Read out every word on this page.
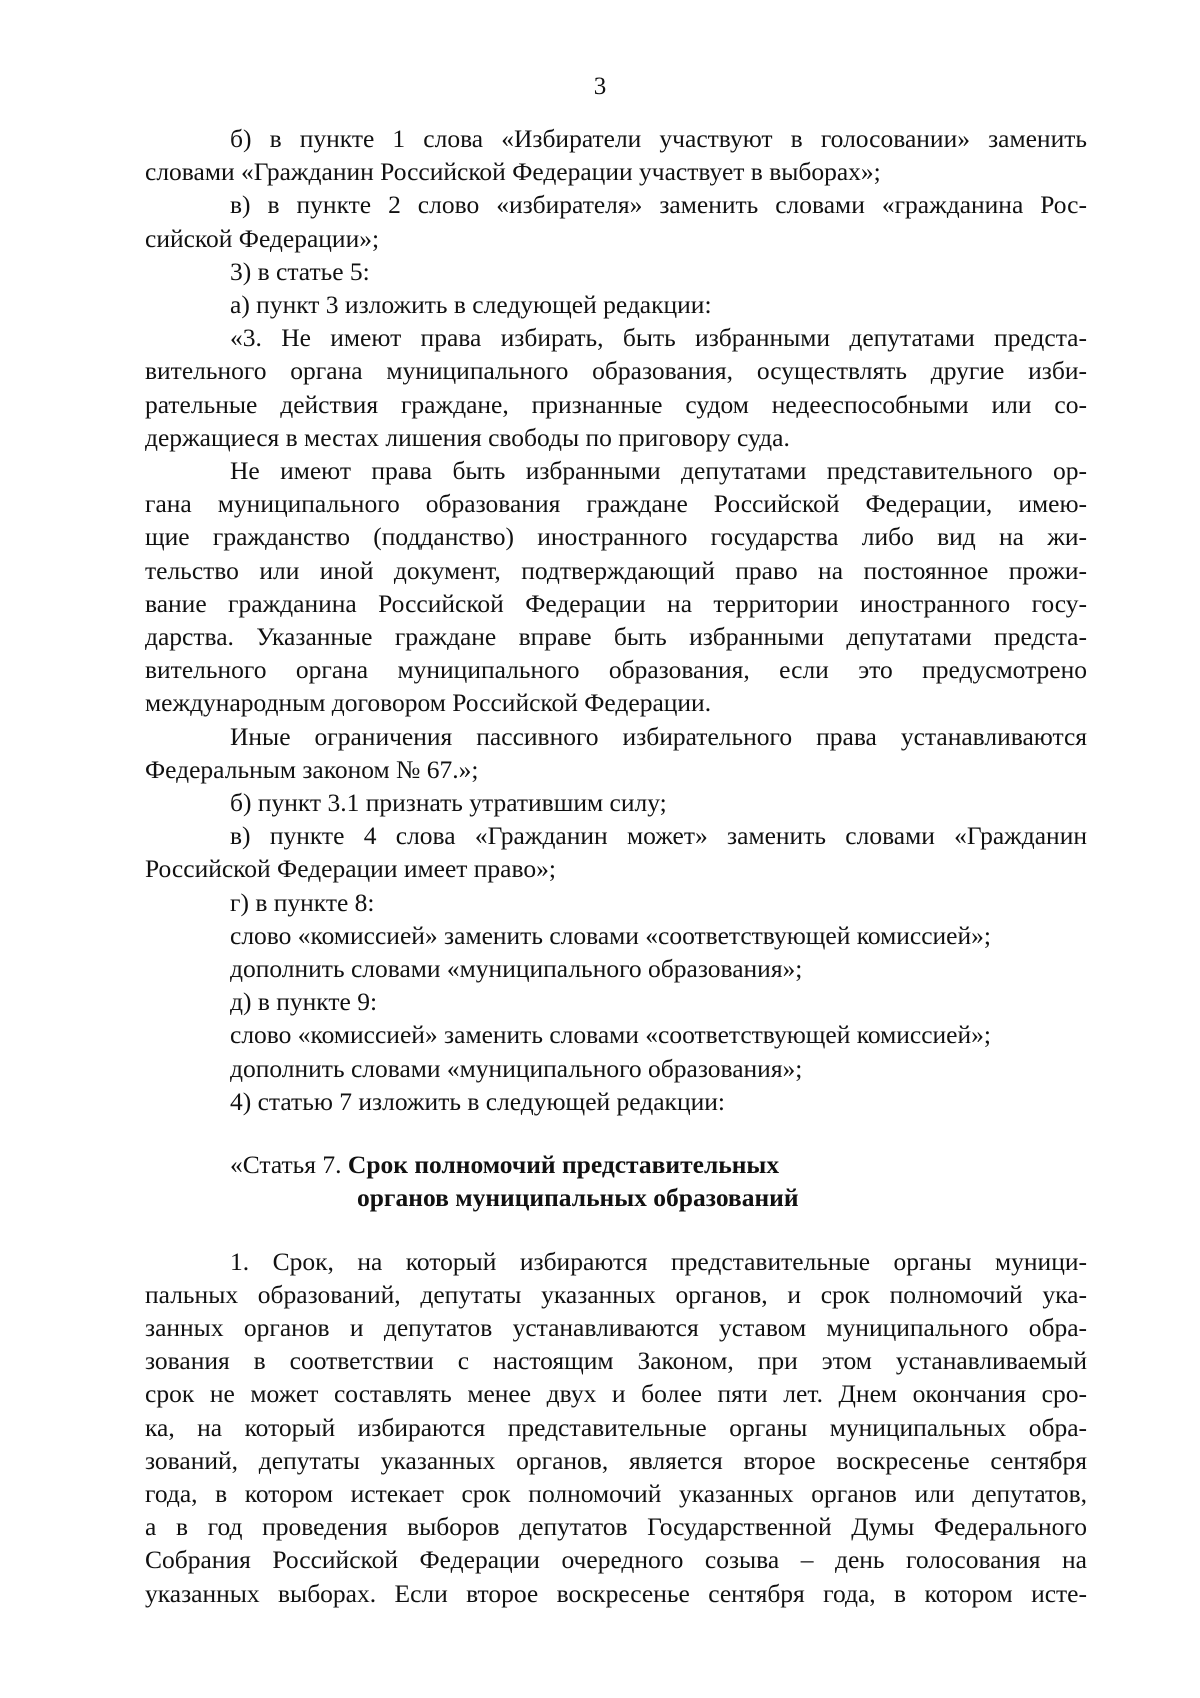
3
б) в пункте 1 слова «Избиратели участвуют в голосовании» заменить
словами «Гражданин Российской Федерации участвует в выборах»;
в) в пункте 2 слово «избирателя» заменить словами «гражданина Рос-
сийской Федерации»;

3) в статье 5:

а) пункт 3 изложить в следующей редакции:

«3. Не имеют права избирать, быть избранными депутатами предста-
вительного органа муниципального образования, осуществлять другие изби-
рательные действия граждане, признанные судом недееспособными или со-
держащиеся в местах лишения свободы по приговору суда.
Не имеют права быть избранными депутатами представительного ор-
гана муниципального образования граждане Российской Федерации, имею-
щие гражданство (подданство) иностранного государства либо вид на жи-
тельство или иной документ, подтверждающий право на постоянное прожи-
вание гражданина Российской Федерации на территории иностранного госу-
дарства. Указанные граждане вправе быть избранными депутатами предста-
вительного органа муниципального образования, если это предусмотрено
международным договором Российской Федерации.
Иные ограничения пассивного избирательного права устанавливаются
Федеральным законом № 67.»;

б) пункт 3.1 признать утратившим силу;

в) пункте 4 слова «Гражданин может» заменить словами «Гражданин
Российской Федерации имеет право»;

г) в пункте 8:

слово «комиссией» заменить словами «соответствующей комиссией»;

дополнить словами «муниципального образования»;

д) в пункте 9:

слово «комиссией» заменить словами «соответствующей комиссией»;

дополнить словами «муниципального образования»;

4) статью 7 изложить в следующей редакции:

«Статья 7. Срок полномочий представительных
органов муниципальных образований
1. Срок, на который избираются представительные органы муници-
пальных образований, депутаты указанных органов, и срок полномочий ука-
занных органов и депутатов устанавливаются уставом муниципального обра-
зования в соответствии с настоящим Законом, при этом устанавливаемый
срок не может составлять менее двух и более пяти лет. Днем окончания сро-
ка, на который избираются представительные органы муниципальных обра-
зований, депутаты указанных органов, является второе воскресенье сентября
года, в котором истекает срок полномочий указанных органов или депутатов,
а в год проведения выборов депутатов Государственной Думы Федерального
Собрания Российской Федерации очередного созыва – день голосования на
указанных выборах. Если второе воскресенье сентября года, в котором исте-
